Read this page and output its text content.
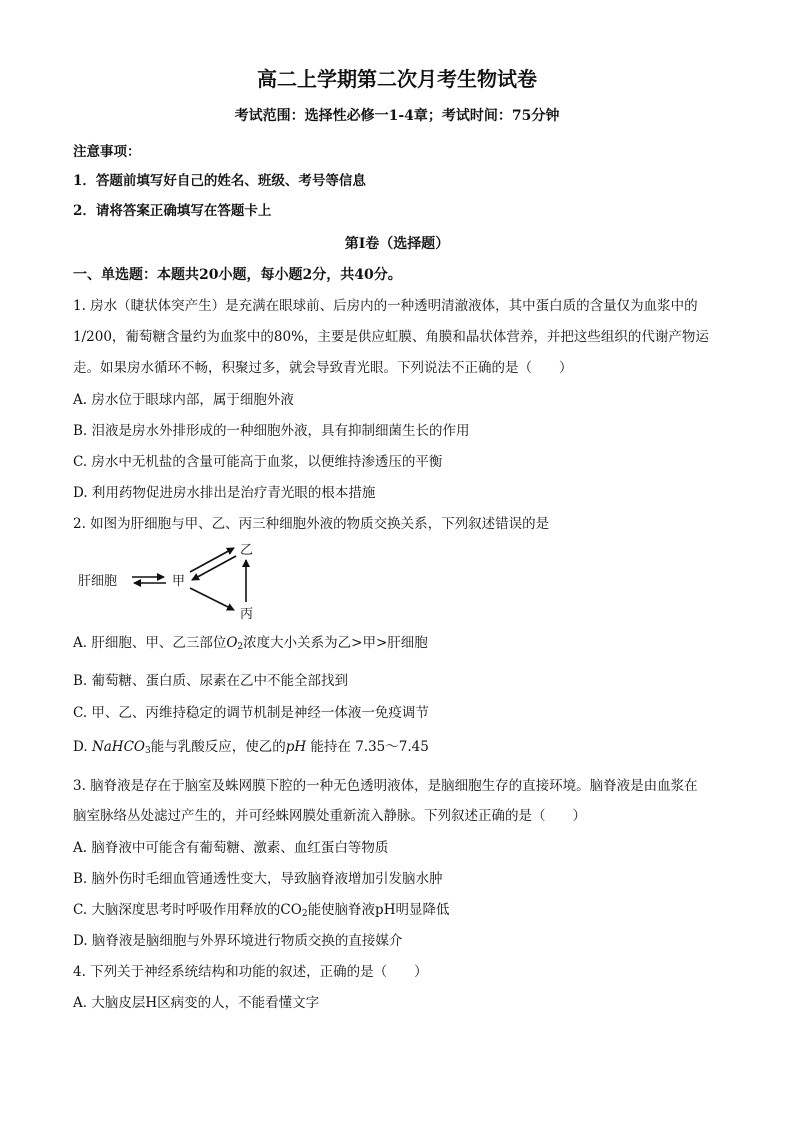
高二上学期第二次月考生物试卷
考试范围：选择性必修一1-4章；考试时间：75分钟
注意事项：
1．答题前填写好自己的姓名、班级、考号等信息
2．请将答案正确填写在答题卡上
第Ⅰ卷（选择题）
一、单选题：本题共20小题，每小题2分，共40分。
1. 房水（睫状体突产生）是充满在眼球前、后房内的一种透明清澈液体，其中蛋白质的含量仅为血浆中的
1/200，葡萄糖含量约为血浆中的80%，主要是供应虹膜、角膜和晶状体营养，并把这些组织的代谢产物运
走。如果房水循环不畅，积聚过多，就会导致青光眼。下列说法不正确的是（　　）
A. 房水位于眼球内部，属于细胞外液
B. 泪液是房水外排形成的一种细胞外液，具有抑制细菌生长的作用
C. 房水中无机盐的含量可能高于血浆，以便维持渗透压的平衡
D. 利用药物促进房水排出是治疗青光眼的根本措施
2. 如图为肝细胞与甲、乙、丙三种细胞外液的物质交换关系，下列叙述错误的是
肝细胞	甲
乙
丙
A. 肝细胞、甲、乙三部位$O_2$浓度大小关系为乙>甲>肝细胞
B. 葡萄糖、蛋白质、尿素在乙中不能全部找到
C. 甲、乙、丙维持稳定的调节机制是神经一体液一免疫调节
D. NaHCO$_3$能与乳酸反应，使乙的pH 能持在 7.35～7.45
3. 脑脊液是存在于脑室及蛛网膜下腔的一种无色透明液体，是脑细胞生存的直接环境。脑脊液是由血浆在
脑室脉络丛处滤过产生的，并可经蛛网膜处重新流入静脉。下列叙述正确的是（　　）
A. 脑脊液中可能含有葡萄糖、激素、血红蛋白等物质
B. 脑外伤时毛细血管通透性变大，导致脑脊液增加引发脑水肿
C. 大脑深度思考时呼吸作用释放的$CO_2$能使脑脊液pH明显降低
D. 脑脊液是脑细胞与外界环境进行物质交换的直接媒介
4. 下列关于神经系统结构和功能的叙述，正确的是（　　）
A. 大脑皮层H区病变的人，不能看懂文字
